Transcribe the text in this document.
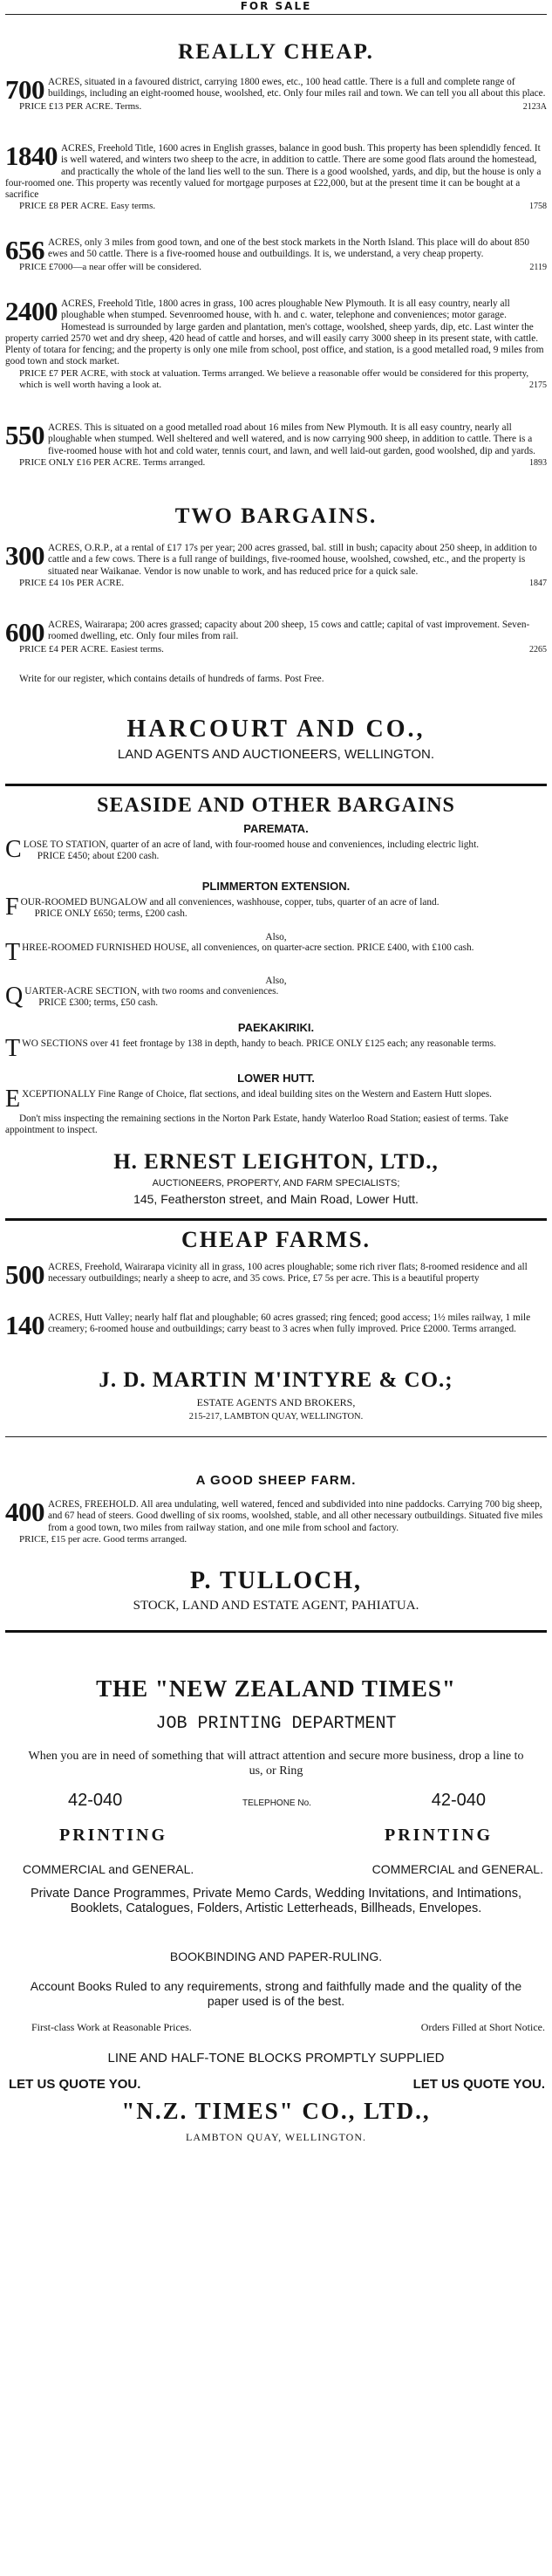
FOR SALE
REALLY CHEAP.
700 ACRES, situated in a favoured district, carrying 1800 ewes, etc., 100 head cattle. There is a full and complete range of buildings, including an eight-roomed house, woolshed, etc. Only four miles rail and town. We can tell you all about this place.
PRICE £13 PER ACRE. Terms.	2123A
1840 ACRES, Freehold Title, 1600 acres in English grasses, balance in good bush. This property has been splendidly fenced. It is well watered, and winters two sheep to the acre, in addition to cattle. There are some good flats around the homestead, and practically the whole of the land lies well to the sun. There is a good woolshed, yards, and dip, but the house is only a four-roomed one. This property was recently valued for mortgage purposes at £22,000, but at the present time it can be bought at a sacrifice
PRICE £8 PER ACRE. Easy terms.	1758
656 ACRES, only 3 miles from good town, and one of the best stock markets in the North Island. This place will do about 850 ewes and 50 cattle. There is a five-roomed house and outbuildings. It is, we understand, a very cheap property.
PRICE £7000—a near offer will be considered.	2119
2400 ACRES, Freehold Title, 1800 acres in grass, 100 acres ploughable New Plymouth. It is all easy country, nearly all ploughable when stumped. Sevenroomed house, with h. and c. water, telephone and conveniences; motor garage. Homestead is surrounded by large garden and plantation, men's cottage, woolshed, sheep yards, dip, etc. Last winter the property carried 2570 wet and dry sheep, 420 head of cattle and horses, and will easily carry 3000 sheep in its present state, with cattle. Plenty of totara for fencing; and the property is only one mile from school, post office, and station, is a good metalled road, 9 miles from good town and stock market.
PRICE £7 PER ACRE, with stock at valuation. Terms arranged. We believe a reasonable offer would be considered for this property, which is well worth having a look at.	2175
550 ACRES. This is situated on a good metalled road about 16 miles from New Plymouth. It is all easy country, nearly all ploughable when stumped. Well sheltered and well watered, and is now carrying 900 sheep, in addition to cattle. There is a five-roomed house with hot and cold water, tennis court, and lawn, and well laid-out garden, good woolshed, dip and yards.
PRICE ONLY £16 PER ACRE. Terms arranged.	1893
TWO BARGAINS.
300 ACRES, O.R.P., at a rental of £17 17s per year; 200 acres grassed, bal. still in bush; capacity about 250 sheep, in addition to cattle and a few cows. There is a full range of buildings, five-roomed house, woolshed, cowshed, etc., and the property is situated near Waikanae. Vendor is now unable to work, and has reduced price for a quick sale.
PRICE £4 10s PER ACRE.	1847
600 ACRES, Wairarapa; 200 acres grassed; capacity about 200 sheep, 15 cows and cattle; capital of vast improvement. Seven-roomed dwelling, etc. Only four miles from rail.
PRICE £4 PER ACRE. Easiest terms.	2265
Write for our register, which contains details of hundreds of farms. Post Free.
HARCOURT AND CO.,
LAND AGENTS AND AUCTIONEERS, WELLINGTON.
SEASIDE AND OTHER BARGAINS
PAREMATA.
CLOSE TO STATION, quarter of an acre of land, with four-roomed house and conveniences, including electric light.
PRICE £450; about £200 cash.
PLIMMERTON EXTENSION.
FOUR-ROOMED BUNGALOW and all conveniences, washhouse, copper, tubs, quarter of an acre of land.
PRICE ONLY £650; terms, £200 cash.
Also,
THREE-ROOMED FURNISHED HOUSE, all conveniences, on quarter-acre section. PRICE £400, with £100 cash.
Also,
QUARTER-ACRE SECTION, with two rooms and conveniences.
PRICE £300; terms, £50 cash.
PAEKAKIRIKI.
TWO SECTIONS over 41 feet frontage by 138 in depth, handy to beach. PRICE ONLY £125 each; any reasonable terms.
LOWER HUTT.
EXCEPTIONALLY Fine Range of Choice, flat sections, and ideal building sites on the Western and Eastern Hutt slopes.
Don't miss inspecting the remaining sections in the Norton Park Estate, handy Waterloo Road Station; easiest of terms. Take appointment to inspect.
H. ERNEST LEIGHTON, LTD.,
AUCTIONEERS, PROPERTY, AND FARM SPECIALISTS;
145, Featherston street, and Main Road, Lower Hutt.
CHEAP FARMS.
500 ACRES, Freehold, Wairarapa vicinity all in grass, 100 acres ploughable; some rich river flats; 8-roomed residence and all necessary outbuildings; nearly a sheep to acre, and 35 cows. Price, £7 5s per acre. This is a beautiful property
140 ACRES, Hutt Valley; nearly half flat and ploughable; 60 acres grassed; ring fenced; good access; 1½ miles railway, 1 mile creamery; 6-roomed house and outbuildings; carry beast to 3 acres when fully improved. Price £2000. Terms arranged.
J. D. MARTIN M'INTYRE & CO.;
ESTATE AGENTS AND BROKERS,
215-217, LAMBTON QUAY, WELLINGTON.
A GOOD SHEEP FARM.
400 ACRES, FREEHOLD. All area undulating, well watered, fenced and subdivided into nine paddocks. Carrying 700 big sheep, and 67 head of steers. Good dwelling of six rooms, woolshed, stable, and all other necessary outbuildings. Situated five miles from a good town, two miles from railway station, and one mile from school and factory.
PRICE, £15 per acre. Good terms arranged.
P. TULLOCH,
STOCK, LAND AND ESTATE AGENT, PAHIATUA.
THE "NEW ZEALAND TIMES"
JOB PRINTING DEPARTMENT
When you are in need of something that will attract attention and secure more business, drop a line to us, or Ring
42-040	TELEPHONE No.	42-040
PRINTING	PRINTING
COMMERCIAL and GENERAL.	COMMERCIAL and GENERAL.
Private Dance Programmes, Private Memo Cards, Wedding Invitations, and Intimations, Booklets, Catalogues, Folders, Artistic Letterheads, Billheads, Envelopes.
BOOKBINDING AND PAPER-RULING.
Account Books Ruled to any requirements, strong and faithfully made and the quality of the paper used is of the best.
First-class Work at Reasonable Prices.	Orders Filled at Short Notice.
LINE AND HALF-TONE BLOCKS PROMPTLY SUPPLIED
LET US QUOTE YOU.	LET US QUOTE YOU.
"N.Z. TIMES" CO., LTD.,
LAMBTON QUAY, WELLINGTON.
